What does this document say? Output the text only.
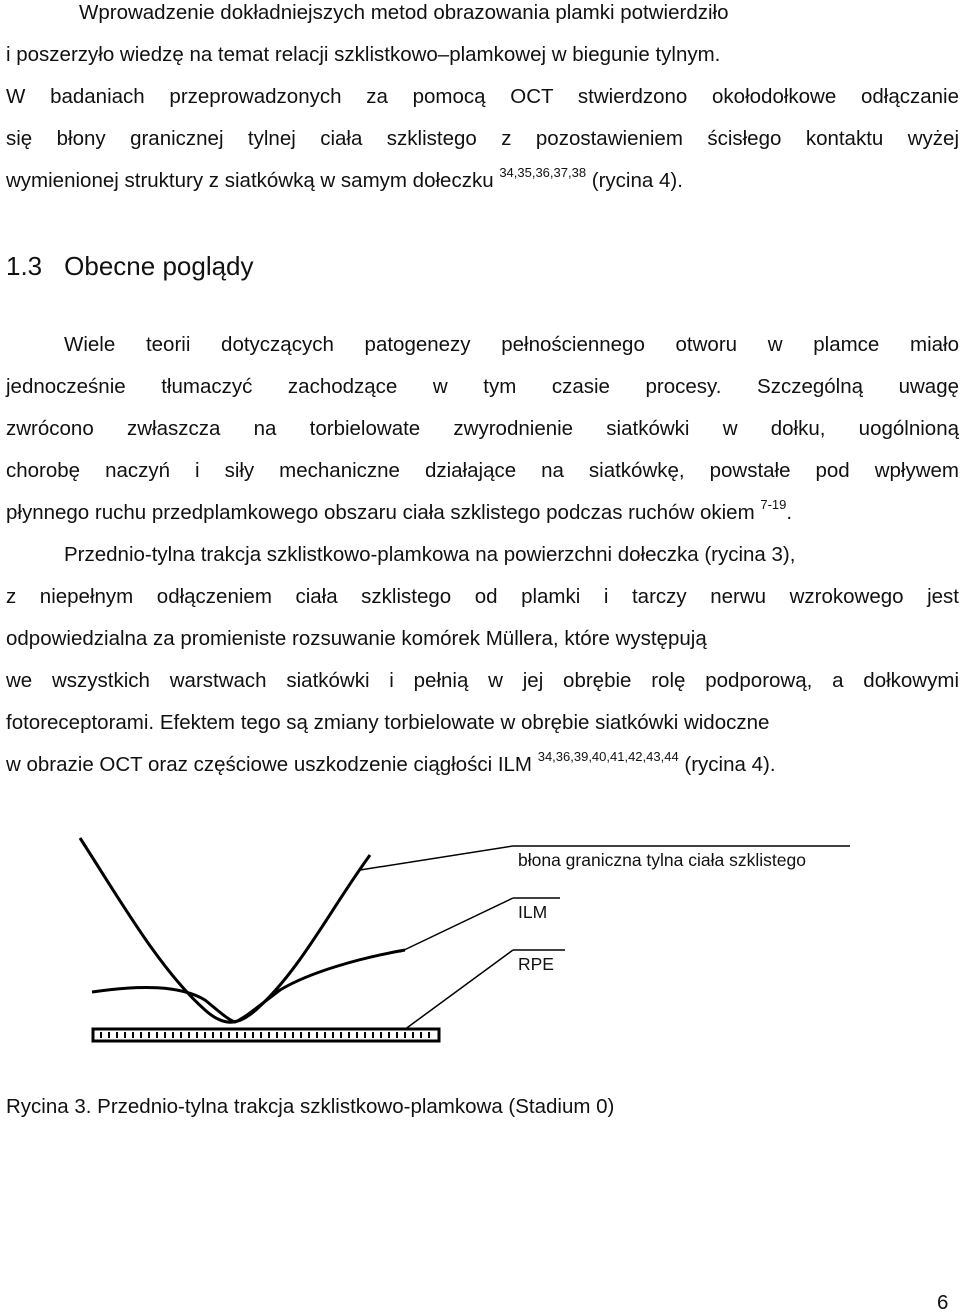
Wprowadzenie dokładniejszych metod obrazowania plamki potwierdziło
i poszerzyło wiedzę na temat relacji szklistkowo–plamkowej w biegunie tylnym.
W badaniach przeprowadzonych za pomocą OCT stwierdzono okołodołkowe odłączanie
się błony granicznej tylnej ciała szklistego z pozostawieniem ścisłego kontaktu wyżej
wymienionej struktury z siatkówką w samym dołeczku $^{34,35,36,37,38}$ (rycina 4).
1.3 Obecne poglądy
Wiele teorii dotyczących patogenezy pełnościennego otworu w plamce miało
jednocześnie tłumaczyć zachodzące w tym czasie procesy. Szczególną uwagę
zwrócono zwłaszcza na torbielowate zwyrodnienie siatkówki w dołku, uogólnioną
chorobę naczyń i siły mechaniczne działające na siatkówkę, powstałe pod wpływem
płynnego ruchu przedplamkowego obszaru ciała szklistego podczas ruchów okiem $^{7-19}$.
Przednio-tylna trakcja szklistkowo-plamkowa na powierzchni dołeczka (rycina 3),
z niepełnym odłączeniem ciała szklistego od plamki i tarczy nerwu wzrokowego jest
odpowiedzialna za promieniste rozsuwanie komórek Müllera, które występują
we wszystkich warstwach siatkówki i pełnią w jej obrębie rolę podporową, a dołkowymi
fotoreceptorami. Efektem tego są zmiany torbielowate w obrębie siatkówki widoczne
w obrazie OCT oraz częściowe uszkodzenie ciągłości ILM $^{34,36,39,40,41,42,43,44}$ (rycina 4).
błona graniczna tylna ciała szklistego
ILM
RPE
Rycina 3. Przednio-tylna trakcja szklistkowo-plamkowa (Stadium 0)
6
